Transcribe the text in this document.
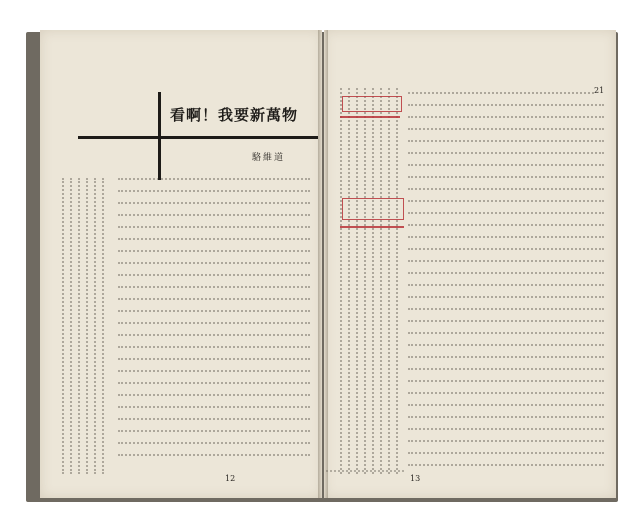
看啊！我要新萬物
駱維道
12	13
21
